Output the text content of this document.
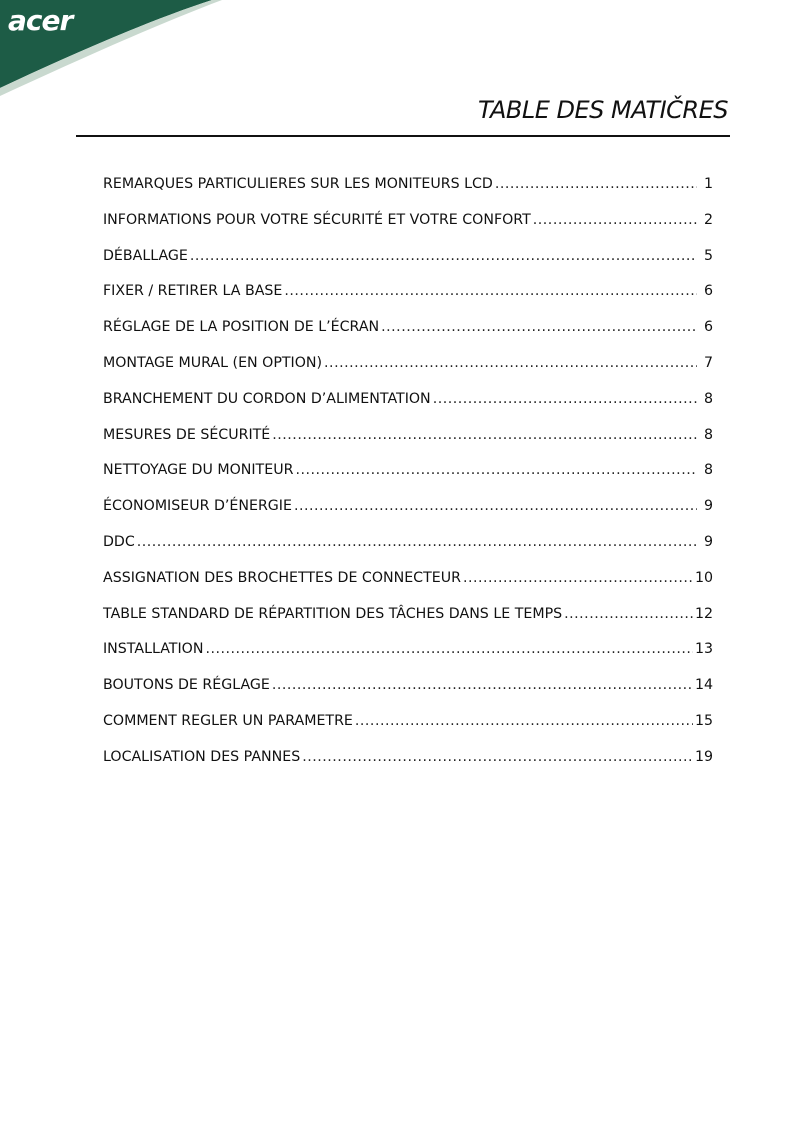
acer
TABLE DES MATIČRES
REMARQUES PARTICULIERES SUR LES MONITEURS LCD .....	1
INFORMATIONS POUR VOTRE SÉCURITÉ ET VOTRE CONFORT .....	2
DÉBALLAGE .....	5
FIXER / RETIRER LA BASE .....	6
RÉGLAGE DE LA POSITION DE L’ÉCRAN .....	6
MONTAGE MURAL (EN OPTION) .....	7
BRANCHEMENT DU CORDON D’ALIMENTATION .....	8
MESURES DE SÉCURITÉ .....	8
NETTOYAGE DU MONITEUR .....	8
ÉCONOMISEUR D’ÉNERGIE .....	9
DDC .....	9
ASSIGNATION DES BROCHETTES DE CONNECTEUR .....	10
TABLE STANDARD DE RÉPARTITION DES TÂCHES DANS LE TEMPS .....	12
INSTALLATION .....	13
BOUTONS DE RÉGLAGE .....	14
COMMENT REGLER UN PARAMETRE .....	15
LOCALISATION DES PANNES .....	19
